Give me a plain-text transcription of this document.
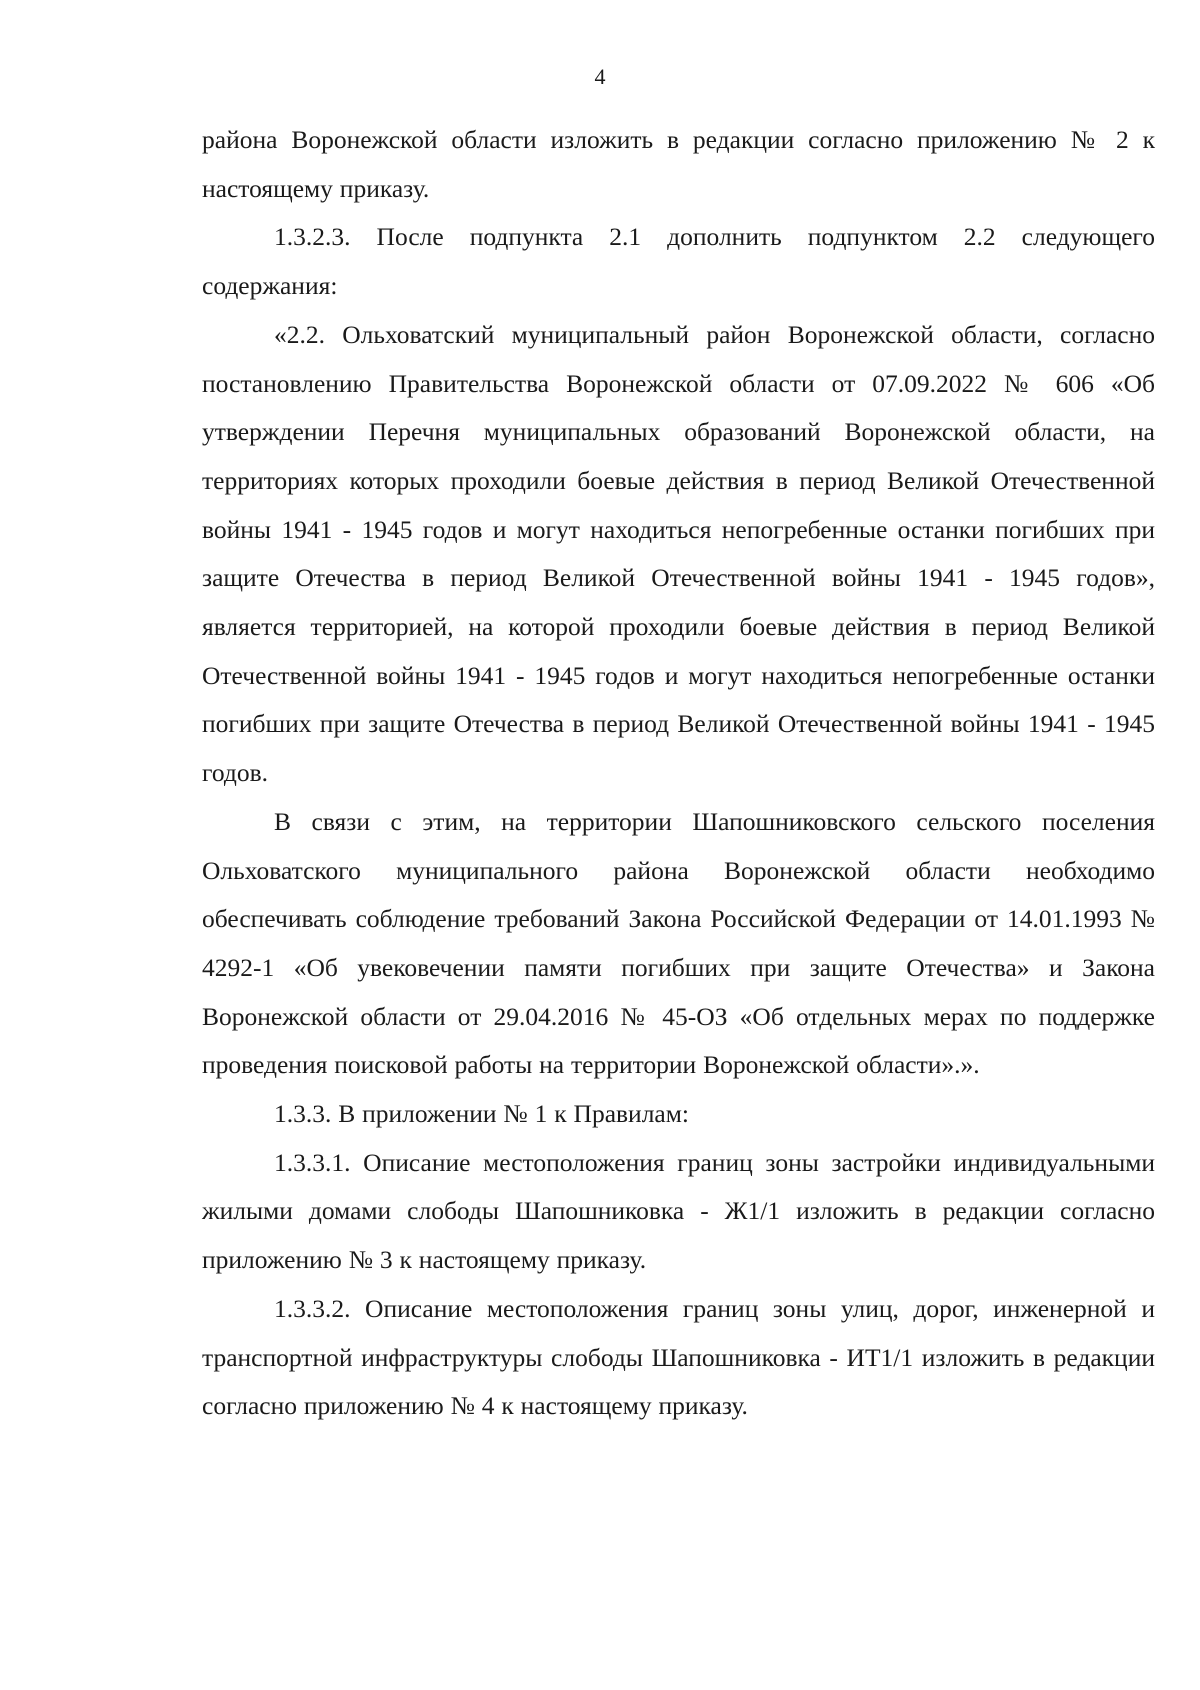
4

района Воронежской области изложить в редакции согласно приложению № 2 к настоящему приказу.

1.3.2.3. После подпункта 2.1 дополнить подпунктом 2.2 следующего содержания:

«2.2. Ольховатский муниципальный район Воронежской области, согласно постановлению Правительства Воронежской области от 07.09.2022 № 606 «Об утверждении Перечня муниципальных образований Воронежской области, на территориях которых проходили боевые действия в период Великой Отечественной войны 1941 - 1945 годов и могут находиться непогребенные останки погибших при защите Отечества в период Великой Отечественной войны 1941 - 1945 годов», является территорией, на которой проходили боевые действия в период Великой Отечественной войны 1941 - 1945 годов и могут находиться непогребенные останки погибших при защите Отечества в период Великой Отечественной войны 1941 - 1945 годов.

В связи с этим, на территории Шапошниковского сельского поселения Ольховатского муниципального района Воронежской области необходимо обеспечивать соблюдение требований Закона Российской Федерации от 14.01.1993 № 4292-1 «Об увековечении памяти погибших при защите Отечества» и Закона Воронежской области от 29.04.2016 № 45-ОЗ «Об отдельных мерах по поддержке проведения поисковой работы на территории Воронежской области».».

1.3.3. В приложении № 1 к Правилам:

1.3.3.1. Описание местоположения границ зоны застройки индивидуальными жилыми домами слободы Шапошниковка - Ж1/1 изложить в редакции согласно приложению № 3 к настоящему приказу.

1.3.3.2. Описание местоположения границ зоны улиц, дорог, инженерной и транспортной инфраструктуры слободы Шапошниковка - ИТ1/1 изложить в редакции согласно приложению № 4 к настоящему приказу.
